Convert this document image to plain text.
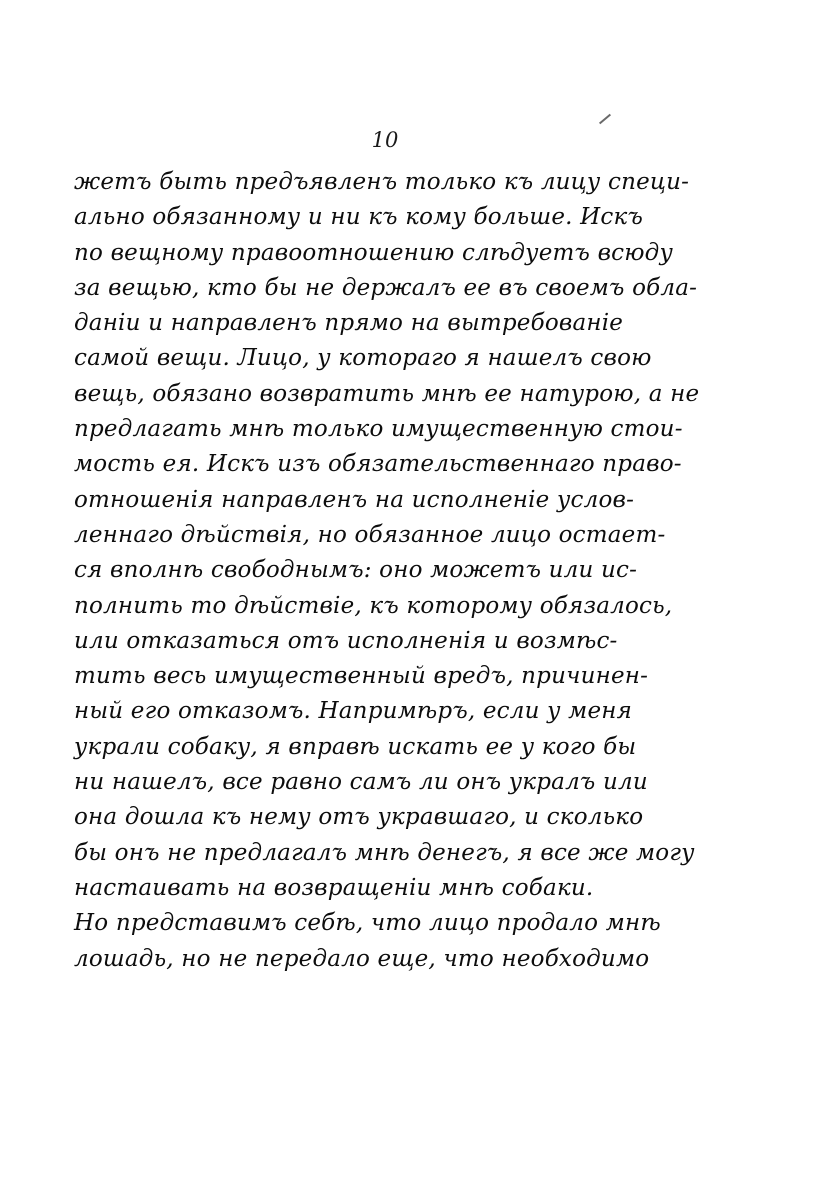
10
жетъ быть предъявленъ только къ лицу специ-
ально обязанному и ни къ кому больше. Искъ
по вещному правоотношению слѣдуетъ всюду
за вещью, кто бы не держалъ ее въ своемъ обла-
даніи и направленъ прямо на вытребованіе
самой вещи. Лицо, у котораго я нашелъ свою
вещь, обязано возвратить мнѣ ее натурою, а не
предлагать мнѣ только имущественную стои-
мость ея. Искъ изъ обязательственнаго право-
отношенія направленъ на исполненіе услов-
леннаго дѣйствія, но обязанное лицо остает-
ся вполнѣ свободнымъ: оно можетъ или ис-
полнить то дѣйствіе, къ которому обязалось,
или отказаться отъ исполненія и возмѣс-
тить весь имущественный вредъ, причинен-
ный его отказомъ. Напримѣръ, если у меня
украли собаку, я вправѣ искать ее у кого бы
ни нашелъ, все равно самъ ли онъ укралъ или
она дошла къ нему отъ укравшаго, и сколько
бы онъ не предлагалъ мнѣ денегъ, я все же могу
настаивать на возвращеніи мнѣ собаки.
Но представимъ себѣ, что лицо продало мнѣ
лошадь, но не передало еще, что необходимо
